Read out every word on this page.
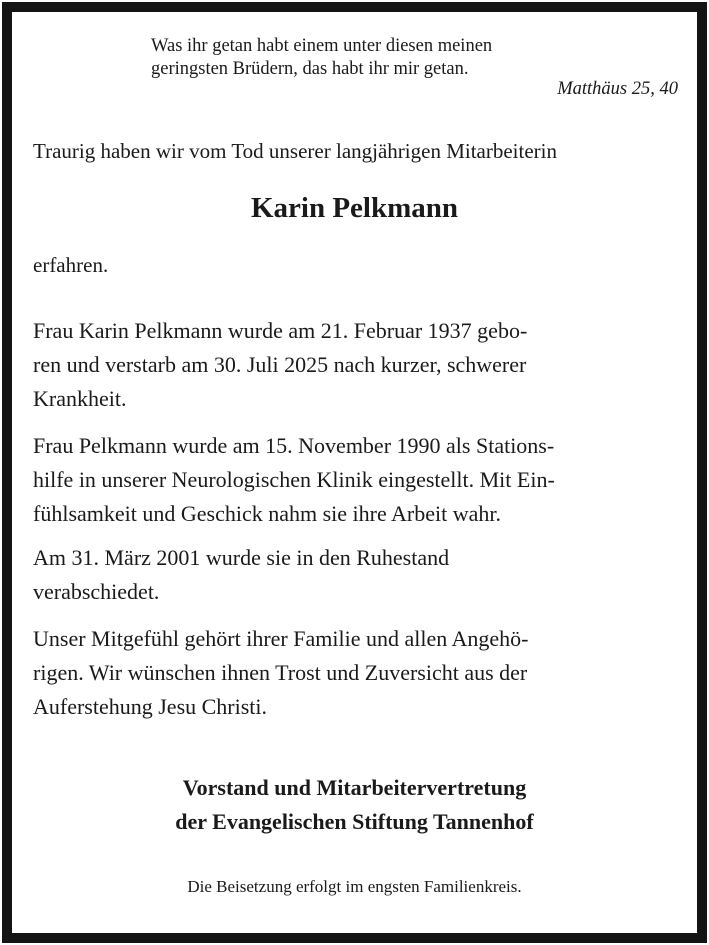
Was ihr getan habt einem unter diesen meinen
geringsten Brüdern, das habt ihr mir getan.
Matthäus 25, 40
Traurig haben wir vom Tod unserer langjährigen Mitarbeiterin
Karin Pelkmann
erfahren.
Frau Karin Pelkmann wurde am 21. Februar 1937 gebo-
ren und verstarb am 30. Juli 2025 nach kurzer, schwerer
Krankheit.
Frau Pelkmann wurde am 15. November 1990 als Stations-
hilfe in unserer Neurologischen Klinik eingestellt. Mit Ein-
fühlsamkeit und Geschick nahm sie ihre Arbeit wahr.
Am 31. März 2001 wurde sie in den Ruhestand
verabschiedet.
Unser Mitgefühl gehört ihrer Familie und allen Angehö-
rigen. Wir wünschen ihnen Trost und Zuversicht aus der
Auferstehung Jesu Christi.
Vorstand und Mitarbeitervertretung
der Evangelischen Stiftung Tannenhof
Die Beisetzung erfolgt im engsten Familienkreis.
